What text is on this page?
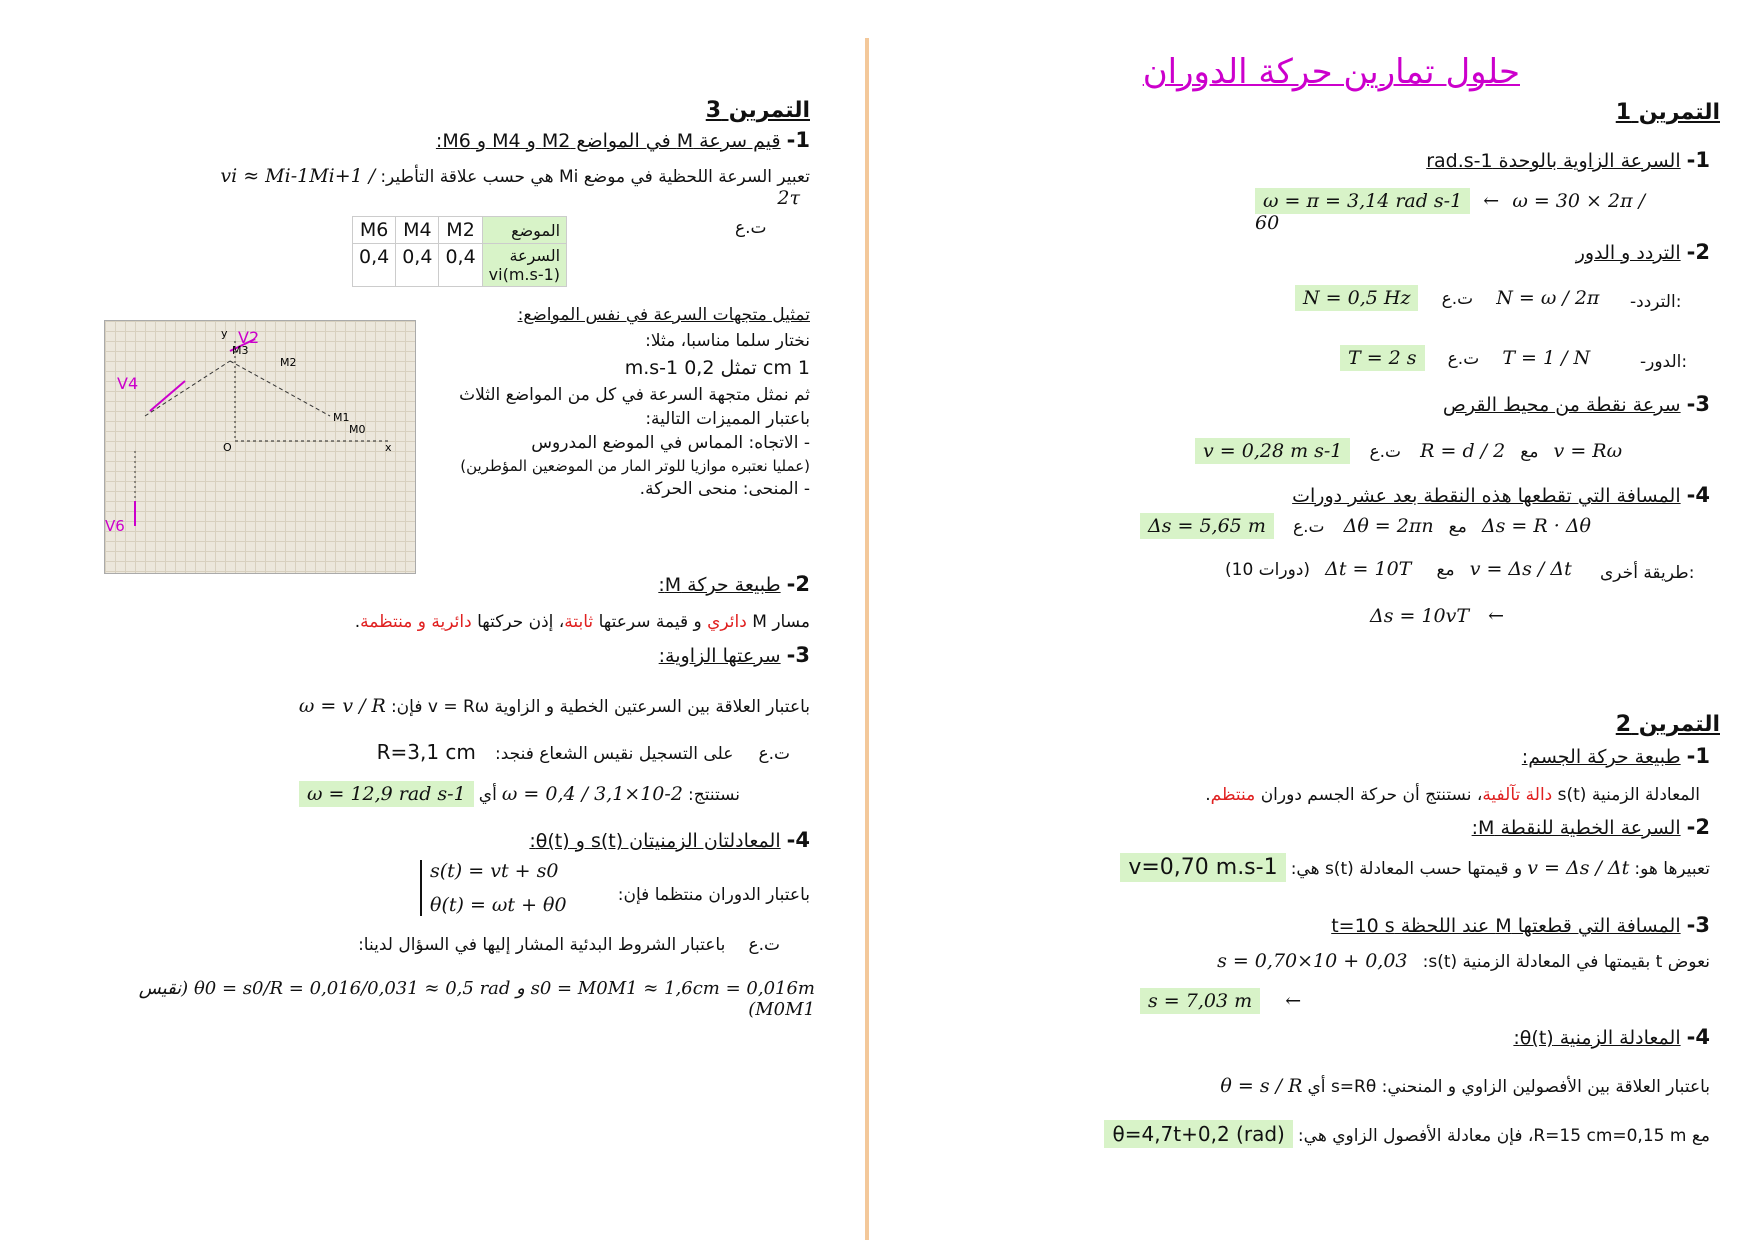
حلول تمارين حركة الدوران
التمرين 1
1- السرعة الزاوية بالوحدة rad.s-1
ω = π = 3,14 rad s-1 ← ω = 30 × 2π / 60
2- التردد و الدور
-التردد:
N = 0,5 Hz ت.ع N = ω / 2π
-الدور:
T = 2 s ت.ع T = 1 / N
3- سرعة نقطة من محيط القرص
v = 0,28 m s-1 ت.ع R = d / 2 مع v = Rω
4- المسافة التي تقطعها هذه النقطة بعد عشر دورات
Δs = 5,65 m ت.ع Δθ = 2πn مع Δs = R · Δθ
طريقة أخرى:
(10 دورات) Δt = 10T مع v = Δs / Δt
Δs = 10vT ←
التمرين 2
1- طبيعة حركة الجسم:
المعادلة الزمنية s(t) دالة تآلفية، نستنتج أن حركة الجسم دوران منتظم.
2- السرعة الخطية للنقطة M:
تعبيرها هو: v = Δs / Δt و قيمتها حسب المعادلة s(t) هي: v=0,70 m.s-1
3- المسافة التي قطعتها M عند اللحظة t=10 s
نعوض t بقيمتها في المعادلة الزمنية s(t): s = 0,70×10 + 0,03
s = 7,03 m ←
4- المعادلة الزمنية θ(t):
باعتبار العلاقة بين الأفصولين الزاوي و المنحني: s=Rθ أي θ = s / R
مع R=15 cm=0,15 m، فإن معادلة الأفصول الزاوي هي: θ=4,7t+0,2 (rad)
التمرين 3
1- قيم سرعة M في المواضع M2 و M4 و M6:
تعبير السرعة اللحظية في موضع Mi هي حسب علاقة التأطير: vi ≈ Mi-1Mi+1 / 2τ
ت.ع
الموضع	M2	M4	M6
السرعة
vi(m.s-1)	0,4	0,4	0,4
V4
V2
V6
M2
M3
M1
M0
O	x
y
تمثيل متجهات السرعة في نفس المواضع:
نختار سلما مناسبا، مثلا:
1 cm تمثل 0,2 m.s-1
ثم نمثل متجهة السرعة في كل من المواضع الثلاث
باعتبار المميزات التالية:
- الاتجاه: المماس في الموضع المدروس
(عمليا نعتبره موازيا للوتر المار من الموضعين المؤطرين)
- المنحى: منحى الحركة.
2- طبيعة حركة M:
مسار M دائري و قيمة سرعتها ثابتة، إذن حركتها دائرية و منتظمة.
3- سرعتها الزاوية:
باعتبار العلاقة بين السرعتين الخطية و الزاوية v = Rω فإن: ω = v / R
ت.ع على التسجيل نقيس الشعاع فنجد: R=3,1 cm
نستنتج: ω = 0,4 / 3,1×10-2 أي ω = 12,9 rad s-1
4- المعادلتان الزمنيتان s(t) و θ(t):
باعتبار الدوران منتظما فإن:
s(t) = vt + s0
θ(t) = ωt + θ0
ت.ع باعتبار الشروط البدئية المشار إليها في السؤال لدينا:
s0 = M0M1 ≈ 1,6cm = 0,016m و θ0 = s0/R = 0,016/0,031 ≈ 0,5 rad (نقيس M0M1)
